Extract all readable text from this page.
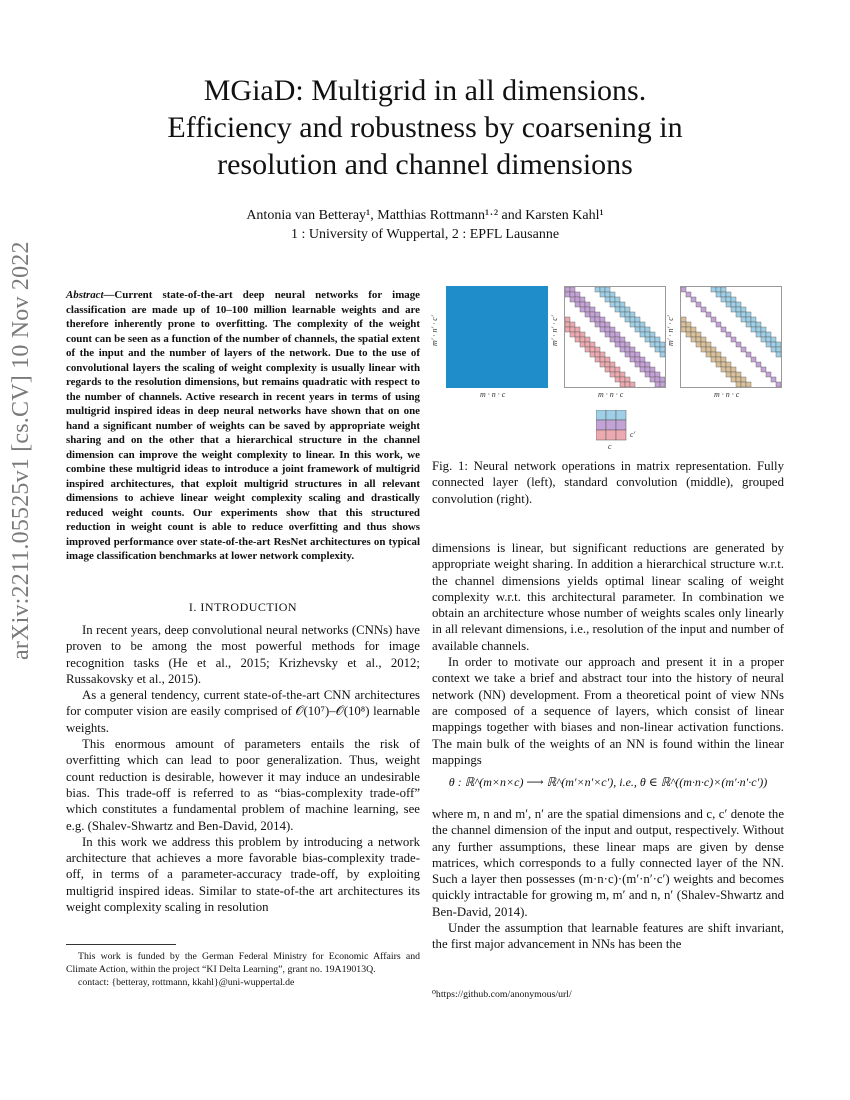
arXiv:2211.05525v1 [cs.CV] 10 Nov 2022
MGiaD: Multigrid in all dimensions.
Efficiency and robustness by coarsening in
resolution and channel dimensions
Antonia van Betteray¹, Matthias Rottmann¹·² and Karsten Kahl¹
1 : University of Wuppertal, 2 : EPFL Lausanne
Abstract—Current state-of-the-art deep neural networks for image classification are made up of 10–100 million learnable weights and are therefore inherently prone to overfitting. The complexity of the weight count can be seen as a function of the number of channels, the spatial extent of the input and the number of layers of the network. Due to the use of convolutional layers the scaling of weight complexity is usually linear with regards to the resolution dimensions, but remains quadratic with respect to the number of channels. Active research in recent years in terms of using multigrid inspired ideas in deep neural networks have shown that on one hand a significant number of weights can be saved by appropriate weight sharing and on the other that a hierarchical structure in the channel dimension can improve the weight complexity to linear. In this work, we combine these multigrid ideas to introduce a joint framework of multigrid inspired architectures, that exploit multigrid structures in all relevant dimensions to achieve linear weight complexity scaling and drastically reduced weight counts. Our experiments show that this structured reduction in weight count is able to reduce overfitting and thus shows improved performance over state-of-the-art ResNet architectures on typical image classification benchmarks at lower network complexity.
I. INTRODUCTION

In recent years, deep convolutional neural networks (CNNs) have proven to be among the most powerful methods for image recognition tasks (He et al., 2015; Krizhevsky et al., 2012; Russakovsky et al., 2015).

As a general tendency, current state-of-the-art CNN architectures for computer vision are easily comprised of 𝒪(10⁷)–𝒪(10⁸) learnable weights.

This enormous amount of parameters entails the risk of overfitting which can lead to poor generalization. Thus, weight count reduction is desirable, however it may induce an undesirable bias. This trade-off is referred to as “bias-complexity trade-off” which constitutes a fundamental problem of machine learning, see e.g. (Shalev-Shwartz and Ben-David, 2014).

In this work we address this problem by introducing a network architecture that achieves a more favorable bias-complexity trade-off, in terms of a parameter-accuracy trade-off, by exploiting multigrid inspired ideas. Similar to state-of-the art architectures its weight complexity scaling in resolution

This work is funded by the German Federal Ministry for Economic Affairs and Climate Action, within the project “KI Delta Learning”, grant no. 19A19013Q.

contact: {betteray, rottmann, kkahl}@uni-wuppertal.de

m′ · n′ · c′
m · n · c
m′ · n′ · c′
m · n · c
m′ · n′ · c′
m · n · c
c′
c
Fig. 1: Neural network operations in matrix representation. Fully connected layer (left), standard convolution (middle), grouped convolution (right).

dimensions is linear, but significant reductions are generated by appropriate weight sharing. In addition a hierarchical structure w.r.t. the channel dimensions yields optimal linear scaling of weight complexity w.r.t. this architectural parameter. In combination we obtain an architecture whose number of weights scales only linearly in all relevant dimensions, i.e., resolution of the input and number of available channels.

In order to motivate our approach and present it in a proper context we take a brief and abstract tour into the history of neural network (NN) development. From a theoretical point of view NNs are composed of a sequence of layers, which consist of linear mappings together with biases and non-linear activation functions. The main bulk of the weights of an NN is found within the linear mappings

θ : ℝ^(m×n×c) ⟶ ℝ^(m′×n′×c′), i.e., θ ∈ ℝ^((m·n·c)×(m′·n′·c′))

where m, n and m′, n′ are the spatial dimensions and c, c′ denote the the channel dimension of the input and output, respectively. Without any further assumptions, these linear maps are given by dense matrices, which corresponds to a fully connected layer of the NN. Such a layer then possesses (m·n·c)·(m′·n′·c′) weights and becomes quickly intractable for growing m, m′ and n, n′ (Shalev-Shwartz and Ben-David, 2014).

Under the assumption that learnable features are shift invariant, the first major advancement in NNs has been the

⁰https://github.com/anonymous/url/
